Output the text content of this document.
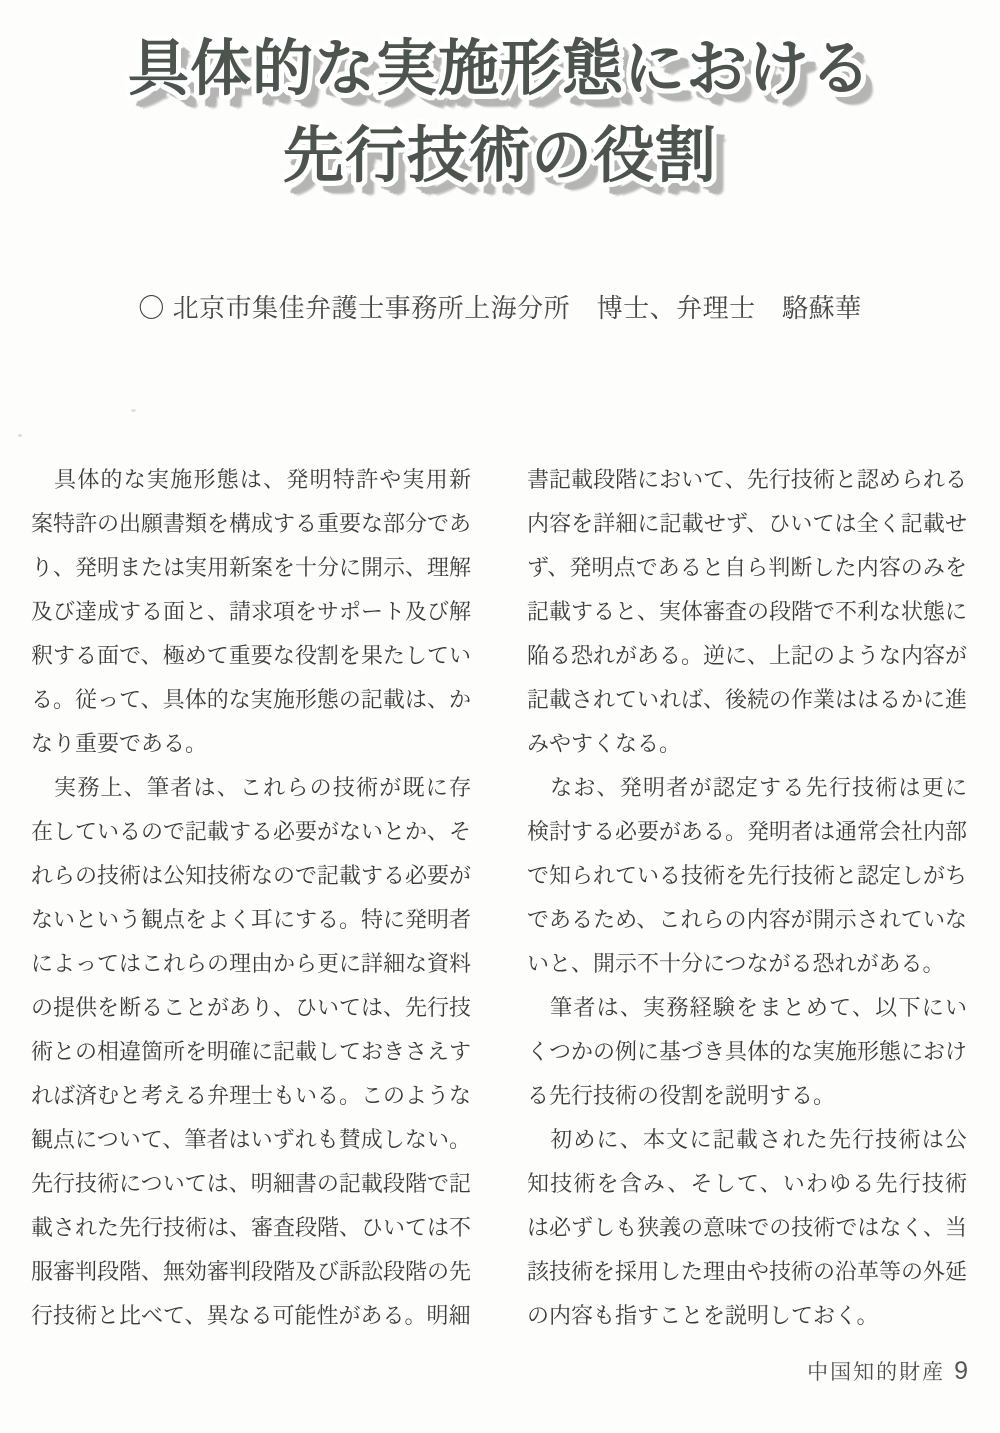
具体的な実施形態における
先行技術の役割
〇 北京市集佳弁護士事務所上海分所　博士、弁理士　駱蘇華

具体的な実施形態は、発明特許や実用新案特許の出願書類を構成する重要な部分であり、発明または実用新案を十分に開示、理解及び達成する面と、請求項をサポート及び解釈する面で、極めて重要な役割を果たしている。従って、具体的な実施形態の記載は、かなり重要である。

実務上、筆者は、これらの技術が既に存在しているので記載する必要がないとか、それらの技術は公知技術なので記載する必要がないという観点をよく耳にする。特に発明者によってはこれらの理由から更に詳細な資料の提供を断ることがあり、ひいては、先行技術との相違箇所を明確に記載しておきさえすれば済むと考える弁理士もいる。このような観点について、筆者はいずれも賛成しない。先行技術については、明細書の記載段階で記載された先行技術は、審査段階、ひいては不服審判段階、無効審判段階及び訴訟段階の先行技術と比べて、異なる可能性がある。明細

書記載段階において、先行技術と認められる内容を詳細に記載せず、ひいては全く記載せず、発明点であると自ら判断した内容のみを記載すると、実体審査の段階で不利な状態に陥る恐れがある。逆に、上記のような内容が記載されていれば、後続の作業ははるかに進みやすくなる。

なお、発明者が認定する先行技術は更に検討する必要がある。発明者は通常会社内部で知られている技術を先行技術と認定しがちであるため、これらの内容が開示されていないと、開示不十分につながる恐れがある。

筆者は、実務経験をまとめて、以下にいくつかの例に基づき具体的な実施形態における先行技術の役割を説明する。

初めに、本文に記載された先行技術は公知技術を含み、そして、いわゆる先行技術は必ずしも狭義の意味での技術ではなく、当該技術を採用した理由や技術の沿革等の外延の内容も指すことを説明しておく。

中国知的財産 9
